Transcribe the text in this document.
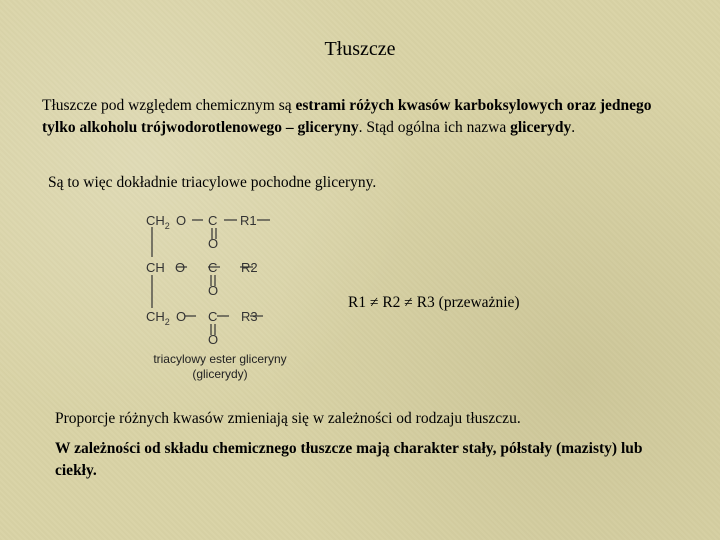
Tłuszcze
Tłuszcze pod względem chemicznym są estrami różych kwasów karboksylowych oraz jednego tylko alkoholu trójwodorotlenowego – gliceryny. Stąd ogólna ich nazwa glicerydy.
Są to więc dokładnie triacylowe pochodne gliceryny.
$CH_2$ O C R1
O
CH O C R2
O
$CH_2$ O C R3
O
triacylowy ester gliceryny
(glicerydy)
R1 ≠ R2 ≠ R3 (przeważnie)
Proporcje różnych kwasów zmieniają się w zależności od rodzaju tłuszczu.
W zależności od składu chemicznego tłuszcze mają charakter stały, półstały (mazisty) lub ciekły.
